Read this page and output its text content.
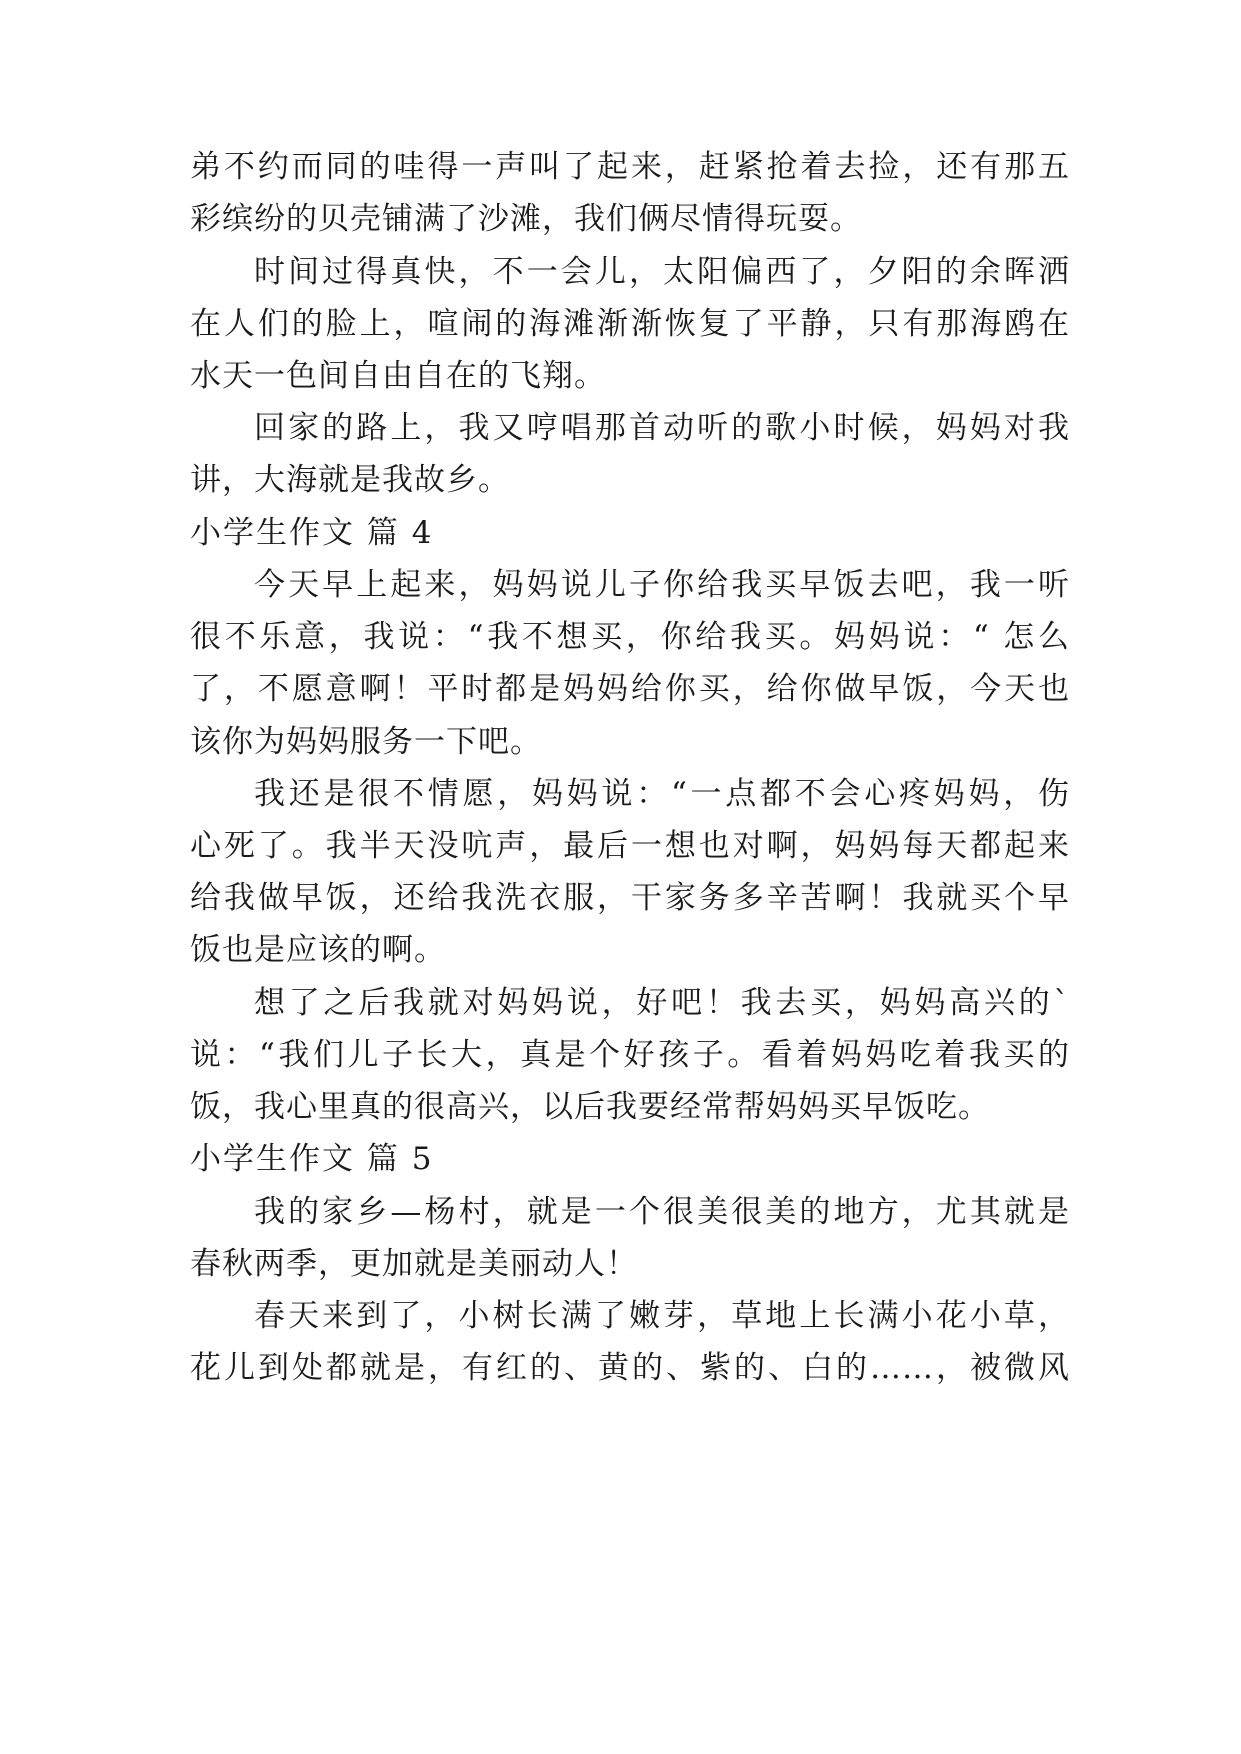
弟不约而同的哇得一声叫了起来，赶紧抢着去捡，还有那五
彩缤纷的贝壳铺满了沙滩，我们俩尽情得玩耍。
时间过得真快，不一会儿，太阳偏西了，夕阳的余晖洒
在人们的脸上，喧闹的海滩渐渐恢复了平静，只有那海鸥在
水天一色间自由自在的飞翔。
回家的路上，我又哼唱那首动听的歌小时候，妈妈对我
讲，大海就是我故乡。
小学生作文 篇 4
今天早上起来，妈妈说儿子你给我买早饭去吧，我一听
很不乐意，我说：“我不想买，你给我买。妈妈说：“ 怎么
了，不愿意啊！平时都是妈妈给你买，给你做早饭，今天也
该你为妈妈服务一下吧。
我还是很不情愿，妈妈说：“一点都不会心疼妈妈，伤
心死了。我半天没吭声，最后一想也对啊，妈妈每天都起来
给我做早饭，还给我洗衣服，干家务多辛苦啊！我就买个早
饭也是应该的啊。
想了之后我就对妈妈说，好吧！我去买，妈妈高兴的`
说：“我们儿子长大，真是个好孩子。看着妈妈吃着我买的
饭，我心里真的很高兴，以后我要经常帮妈妈买早饭吃。
小学生作文 篇 5
我的家乡—杨村，就是一个很美很美的地方，尤其就是
春秋两季，更加就是美丽动人！
春天来到了，小树长满了嫩芽，草地上长满小花小草，
花儿到处都就是，有红的、黄的、紫的、白的……，被微风
